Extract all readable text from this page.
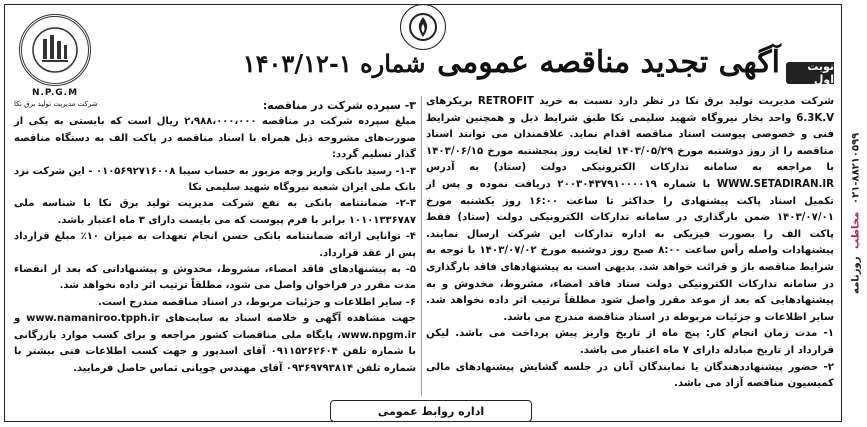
روزنامه
مخاطب
۰۲۱-۸۸۲۱۰۵۹۹
N.P.G.M
شرکت مدیریت تولید برق نکا
آگهی تجدید مناقصه عمومی شماره ۱-۱۴۰۳/۱۲	نوبت اول

شرکت مدیریت تولید برق نکا در نظر دارد نسبت به خرید RETROFIT بریکرهای 6.3K.V واحد بخار نیروگاه شهید سلیمی نکا طبق شرایط ذیل و همچنین شرایط فنی و خصوصی پیوست اسناد مناقصه اقدام نماید. علاقمندان می توانند اسناد مناقصه را از روز دوشنبه مورخ ۱۴۰۳/۰۵/۲۹ لغایت روز پنجشنبه مورخ ۱۴۰۳/۰۶/۱۵ با مراجعه به سامانه تدارکات الکترونیکی دولت (ستاد) به آدرس WWW.SETADIRAN.IR با شماره ۲۰۰۳۰۴۳۷۹۱۰۰۰۰۱۹ دریافت نموده و پس از تکمیل اسناد پاکت پیشنهادی را حداکثر تا ساعت ۱۶:۰۰ روز یکشنبه مورخ ۱۴۰۳/۰۷/۰۱ ضمن بارگذاری در سامانه تدارکات الکترونیکی دولت (ستاد) فقط پاکت الف را بصورت فیزیکی به اداره تدارکات این شرکت ارسال نمایند. پیشنهادات واصله رأس ساعت ۸:۰۰ صبح روز دوشنبه مورخ ۱۴۰۳/۰۷/۰۲ با توجه به شرایط مناقصه باز و قرائت خواهد شد. بدیهی است به پیشنهادهای فاقد بارگذاری در سامانه تدارکات الکترونیکی دولت ستاد فاقد امضاء، مشروط، مخدوش و به پیشنهادهایی که بعد از موعد مقرر واصل شود مطلقاً ترتیب اثر داده نخواهد شد. سایر اطلاعات و جزئیات مربوطه در اسناد مناقصه مندرج می باشد.

۱- مدت زمان انجام کار: پنج ماه از تاریخ واریز پیش پرداخت می باشد. لیکن قرارداد از تاریخ مبادله دارای ۷ ماه اعتبار می باشد.

۲- حضور پیشنهاددهندگان یا نمایندگان آنان در جلسه گشایش پیشنهادهای مالی کمیسیون مناقصه آزاد می باشد.

۳- سپرده شرکت در مناقصه:

مبلغ سپرده شرکت در مناقصه ۲،۹۸۸،۰۰۰،۰۰۰ ریال است که بایستی به یکی از صورت‌های مشروحه ذیل همراه با اسناد مناقصه در پاکت الف به دستگاه مناقصه گذار تسلیم گردد:

۱-۳- رسید بانکی واریز وجه مزبور به حساب سیبا ۰۱۰۵۶۹۲۷۱۶۰۰۸ - این شرکت نزد بانک ملی ایران شعبه نیروگاه شهید سلیمی نکا

۲-۳- ضمانتنامه بانکی به نفع شرکت مدیریت تولید برق نکا با شناسه ملی ۱۰۱۰۱۳۳۶۷۸۷ برابر با فرم پیوست که می بایست دارای ۳ ماه اعتبار باشد.

۴- توانایی ارائه ضمانتنامه بانکی حسن انجام تعهدات به میزان ۱۰٪ مبلغ قرارداد پس از عقد قرارداد.

۵- به پیشنهادهای فاقد امضاء، مشروط، مخدوش و پیشنهاداتی که بعد از انقضاء مدت مقرر در فراخوان واصل می شود، مطلقاً ترتیب اثر داده نخواهد شد.

۶- سایر اطلاعات و جزئیات مربوط، در اسناد مناقصه مندرج است.

جهت مشاهده آگهی و خلاصه اسناد به سایت‌های www.namaniroo.tpph.ir و www.npgm.ir، پایگاه ملی مناقصات کشور مراجعه و برای کسب موارد بازرگانی با شماره تلفن ۰۹۱۱۵۲۶۲۶۰۴ آقای اسدپور و جهت کسب اطلاعات فنی بیشتر با شماره تلفن ۰۹۳۶۹۷۹۳۸۱۴ آقای مهندس چوپانی تماس حاصل فرمایید.

اداره روابط عمومی
